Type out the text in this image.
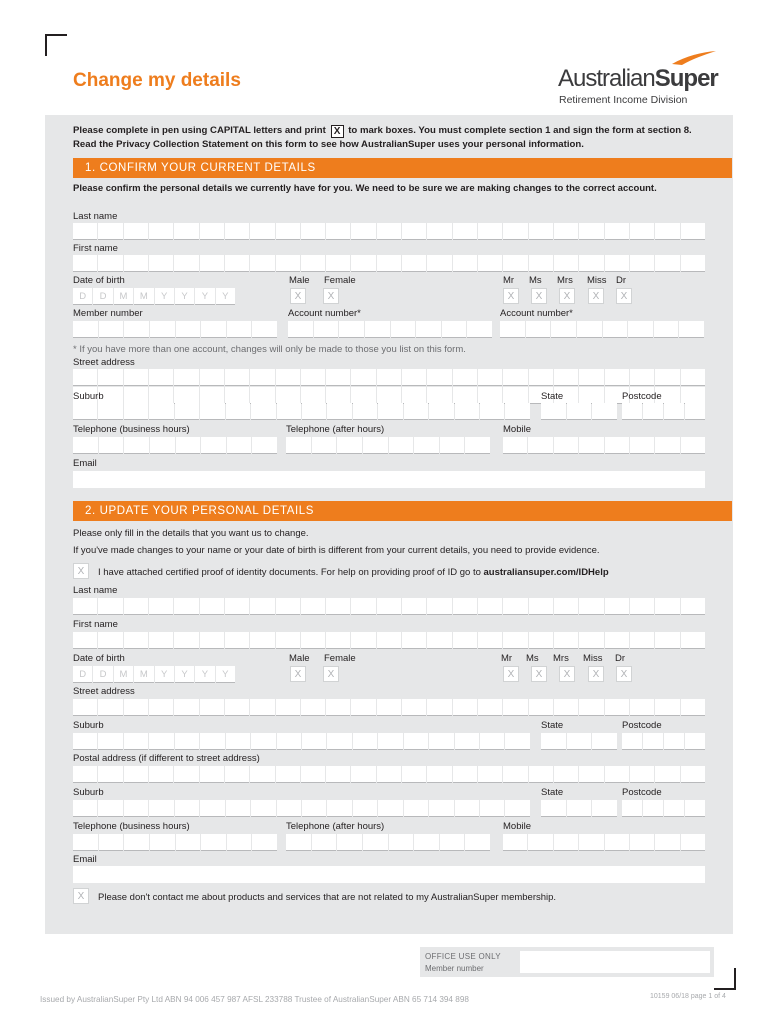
Change my details	AustralianSuper
Retirement Income Division
Please complete in pen using CAPITAL letters and print X to mark boxes. You must complete section 1 and sign the form at section 8. Read the Privacy Collection Statement on this form to see how AustralianSuper uses your personal information.
1. CONFIRM YOUR CURRENT DETAILS
Please confirm the personal details we currently have for you. We need to be sure we are making changes to the correct account.
Last name
First name
Date of birth
D	D	M	M	Y	Y	Y	Y
Male Female
X	X
Mr Ms Mrs Miss Dr
X	X	X	X	X
Member number	Account number*	Account number*
* If you have more than one account, changes will only be made to those you list on this form.
Street address
Suburb	State	Postcode
Telephone (business hours)	Telephone (after hours)	Mobile
Email
2. UPDATE YOUR PERSONAL DETAILS
Please only fill in the details that you want us to change.
If you've made changes to your name or your date of birth is different from your current details, you need to provide evidence.
X	I have attached certified proof of identity documents. For help on providing proof of ID go to australiansuper.com/IDHelp
Last name
First name
Date of birth
D	D	M	M	Y	Y	Y	Y
Male Female
X	X
Mr Ms Mrs Miss Dr
X	X	X	X	X
Street address
Suburb	State	Postcode
Postal address (if different to street address)
Suburb	State	Postcode
Telephone (business hours)	Telephone (after hours)	Mobile
Email
X	Please don't contact me about products and services that are not related to my AustralianSuper membership.
OFFICE USE ONLY
Member number
Issued by AustralianSuper Pty Ltd ABN 94 006 457 987 AFSL 233788 Trustee of AustralianSuper ABN 65 714 394 898	10159 06/18 page 1 of 4
